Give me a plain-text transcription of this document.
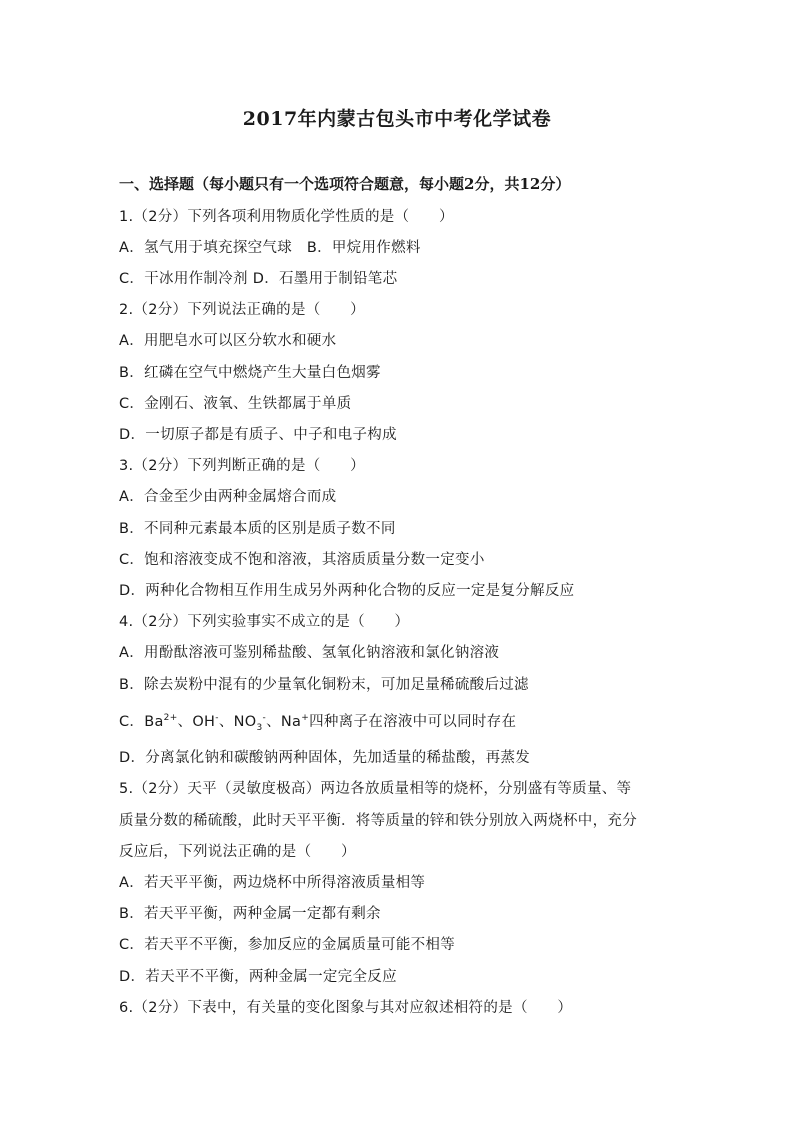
2017年内蒙古包头市中考化学试卷
一、选择题（每小题只有一个选项符合题意，每小题2分，共12分）
1.（2分）下列各项利用物质化学性质的是（　　）
A．氢气用于填充探空气球　B．甲烷用作燃料
C．干冰用作制冷剂 D．石墨用于制铅笔芯
2.（2分）下列说法正确的是（　　）
A．用肥皂水可以区分软水和硬水
B．红磷在空气中燃烧产生大量白色烟雾
C．金刚石、液氧、生铁都属于单质
D．一切原子都是有质子、中子和电子构成
3.（2分）下列判断正确的是（　　）
A．合金至少由两种金属熔合而成
B．不同种元素最本质的区别是质子数不同
C．饱和溶液变成不饱和溶液，其溶质质量分数一定变小
D．两种化合物相互作用生成另外两种化合物的反应一定是复分解反应
4.（2分）下列实验事实不成立的是（　　）
A．用酚酞溶液可鉴别稀盐酸、氢氧化钠溶液和氯化钠溶液
B．除去炭粉中混有的少量氧化铜粉末，可加足量稀硫酸后过滤
C．$Ba^{2+}$、OH-、$NO_3^-$、Na+四种离子在溶液中可以同时存在
D．分离氯化钠和碳酸钠两种固体，先加适量的稀盐酸，再蒸发
5.（2分）天平（灵敏度极高）两边各放质量相等的烧杯，分别盛有等质量、等
质量分数的稀硫酸，此时天平平衡．将等质量的锌和铁分别放入两烧杯中，充分
反应后，下列说法正确的是（　　）
A．若天平平衡，两边烧杯中所得溶液质量相等
B．若天平平衡，两种金属一定都有剩余
C．若天平不平衡，参加反应的金属质量可能不相等
D．若天平不平衡，两种金属一定完全反应
6.（2分）下表中，有关量的变化图象与其对应叙述相符的是（　　）
